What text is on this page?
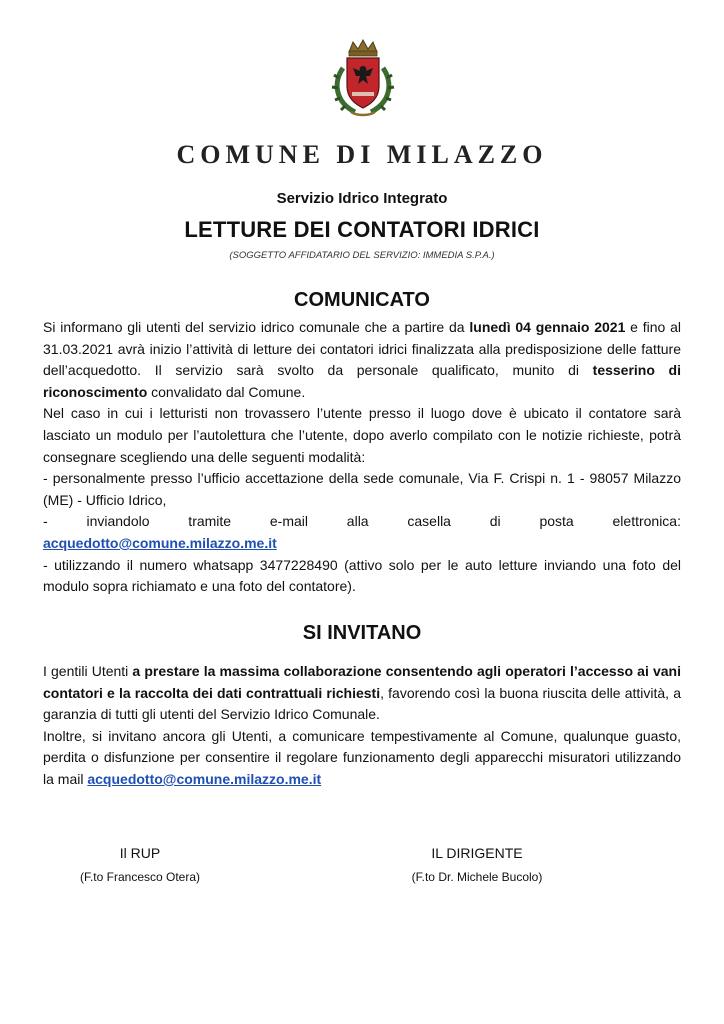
COMUNE DI MILAZZO
Servizio Idrico Integrato
LETTURE DEI CONTATORI IDRICI
(SOGGETTO AFFIDATARIO DEL SERVIZIO: IMMEDIA S.P.A.)
COMUNICATO

Si informano gli utenti del servizio idrico comunale che a partire da lunedì 04 gennaio 2021 e fino al 31.03.2021 avrà inizio l’attività di letture dei contatori idrici finalizzata alla predisposizione delle fatture dell’acquedotto. Il servizio sarà svolto da personale qualificato, munito di tesserino di riconoscimento convalidato dal Comune.

Nel caso in cui i letturisti non trovassero l’utente presso il luogo dove è ubicato il contatore sarà lasciato un modulo per l’autolettura che l’utente, dopo averlo compilato con le notizie richieste, potrà consegnare scegliendo una delle seguenti modalità:

- personalmente presso l’ufficio accettazione della sede comunale, Via F. Crispi n. 1 - 98057 Milazzo (ME) - Ufficio Idrico,

-      inviandolo      tramite      e-mail      alla      casella      di      posta      elettronica:

acquedotto@comune.milazzo.me.it

- utilizzando il numero whatsapp 3477228490 (attivo solo per le auto letture inviando una foto del modulo sopra richiamato e una foto del contatore).

SI INVITANO

I gentili Utenti a prestare la massima collaborazione consentendo agli operatori l’accesso ai vani contatori e la raccolta dei dati contrattuali richiesti, favorendo così la buona riuscita delle attività, a garanzia di tutti gli utenti del Servizio Idrico Comunale.

Inoltre, si invitano ancora gli Utenti, a comunicare tempestivamente al Comune, qualunque guasto, perdita o disfunzione per consentire il regolare funzionamento degli apparecchi misuratori utilizzando la mail acquedotto@comune.milazzo.me.it

Il RUP
(F.to Francesco Otera)
IL DIRIGENTE
(F.to Dr. Michele Bucolo)
